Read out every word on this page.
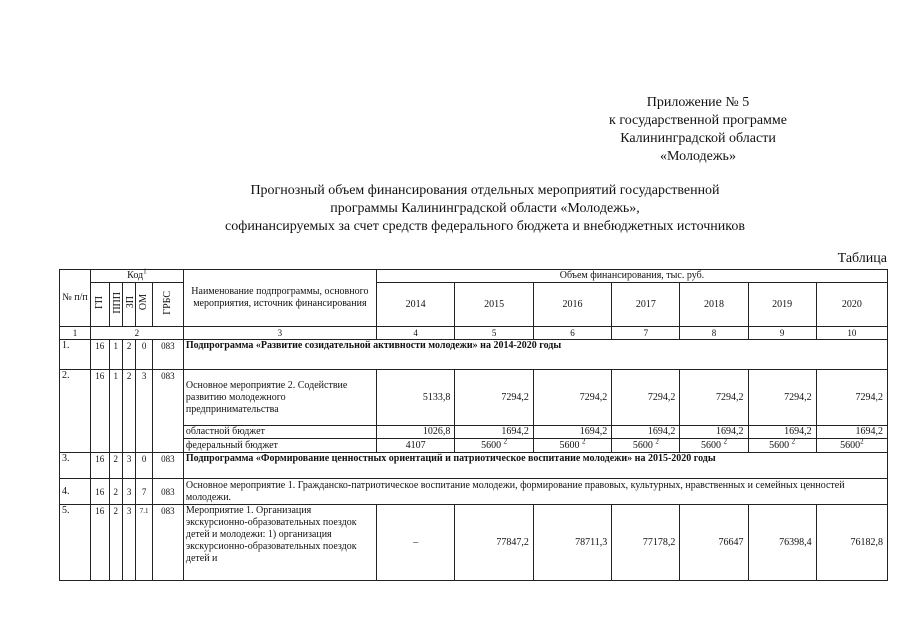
Приложение № 5
к государственной программе
Калининградской области
«Молодежь»
Прогнозный объем финансирования отдельных мероприятий государственной
программы Калининградской области «Молодежь»,
софинансируемых за счет средств федерального бюджета и внебюджетных источников
Таблица
№ п/п	Код$^1$					Наименование подпрограммы, основного мероприятия, источник финансирования	Объем финансирования, тыс. руб.						
	ГП	ППП	ЗП	ОМ	ГРБС		2014	2015	2016	2017	2018	2019	2020
1	2					3	4	5	6	7	8	9	10
1.	16	1	2	0	083	Подпрограмма «Развитие созидательной активности молодежи» на 2014-2020 годы							
2.	16	1	2	3	083	Основное мероприятие 2. Содействие развитию молодежного предпринимательства	5133,8	7294,2	7294,2	7294,2	7294,2	7294,2	7294,2
						областной бюджет	1026,8	1694,2	1694,2	1694,2	1694,2	1694,2	1694,2
						федеральный бюджет	4107	5600 $^2$	5600 $^2$	5600 $^2$	5600 $^2$	5600 $^2$	5600$^2$
3.	16	2	3	0	083	Подпрограмма «Формирование ценностных ориентаций и патриотическое воспитание молодежи» на 2015-2020 годы							
4.	16	2	3	7	083	Основное мероприятие 1. Гражданско-патриотическое воспитание молодежи, формирование правовых, культурных, нравственных и семейных ценностей молодежи.							
5.	16	2	3	7.1	083	Мероприятие 1. Организация экскурсионно-образовательных поездок детей и молодежи: 1) организация экскурсионно-образовательных поездок детей и	–	77847,2	78711,3	77178,2	76647	76398,4	76182,8
